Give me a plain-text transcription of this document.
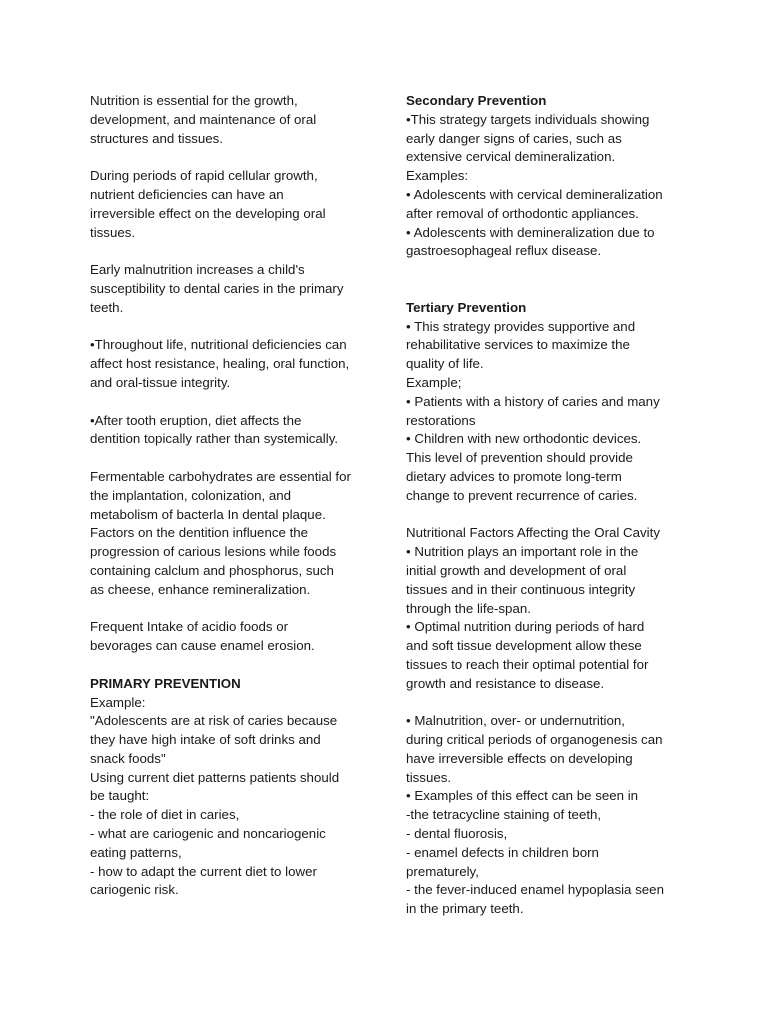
Nutrition is essential for the growth,
development, and maintenance of oral
structures and tissues.
During periods of rapid cellular growth,
nutrient deficiencies can have an
irreversible effect on the developing oral
tissues.
Early malnutrition increases a child's
susceptibility to dental caries in the primary
teeth.
•Throughout life, nutritional deficiencies can
affect host resistance, healing, oral function,
and oral-tissue integrity.
•After tooth eruption, diet affects the
dentition topically rather than systemically.
Fermentable carbohydrates are essential for
the implantation, colonization, and
metabolism of bacterla In dental plaque.
Factors on the dentition influence the
progression of carious lesions while foods
containing calclum and phosphorus, such
as cheese, enhance remineralization.
Frequent Intake of acidio foods or
bevorages can cause enamel erosion.
PRIMARY PREVENTION
Example:
"Adolescents are at risk of caries because
they have high intake of soft drinks and
snack foods"
Using current diet patterns patients should
be taught:
- the role of diet in caries,
- what are cariogenic and noncariogenic
eating patterns,
- how to adapt the current diet to lower
cariogenic risk.
Secondary Prevention
•This strategy targets individuals showing
early danger signs of caries, such as
extensive cervical demineralization.
Examples:
• Adolescents with cervical demineralization
after removal of orthodontic appliances.
• Adolescents with demineralization due to
gastroesophageal reflux disease.
Tertiary Prevention
• This strategy provides supportive and
rehabilitative services to maximize the
quality of life.
Example;
• Patients with a history of caries and many
restorations
• Children with new orthodontic devices.
This level of prevention should provide
dietary advices to promote long-term
change to prevent recurrence of caries.
Nutritional Factors Affecting the Oral Cavity
• Nutrition plays an important role in the
initial growth and development of oral
tissues and in their continuous integrity
through the life-span.
• Optimal nutrition during periods of hard
and soft tissue development allow these
tissues to reach their optimal potential for
growth and resistance to disease.
• Malnutrition, over- or undernutrition,
during critical periods of organogenesis can
have irreversible effects on developing
tissues.
• Examples of this effect can be seen in
-the tetracycline staining of teeth,
- dental fluorosis,
- enamel defects in children born
prematurely,
- the fever-induced enamel hypoplasia seen
in the primary teeth.
